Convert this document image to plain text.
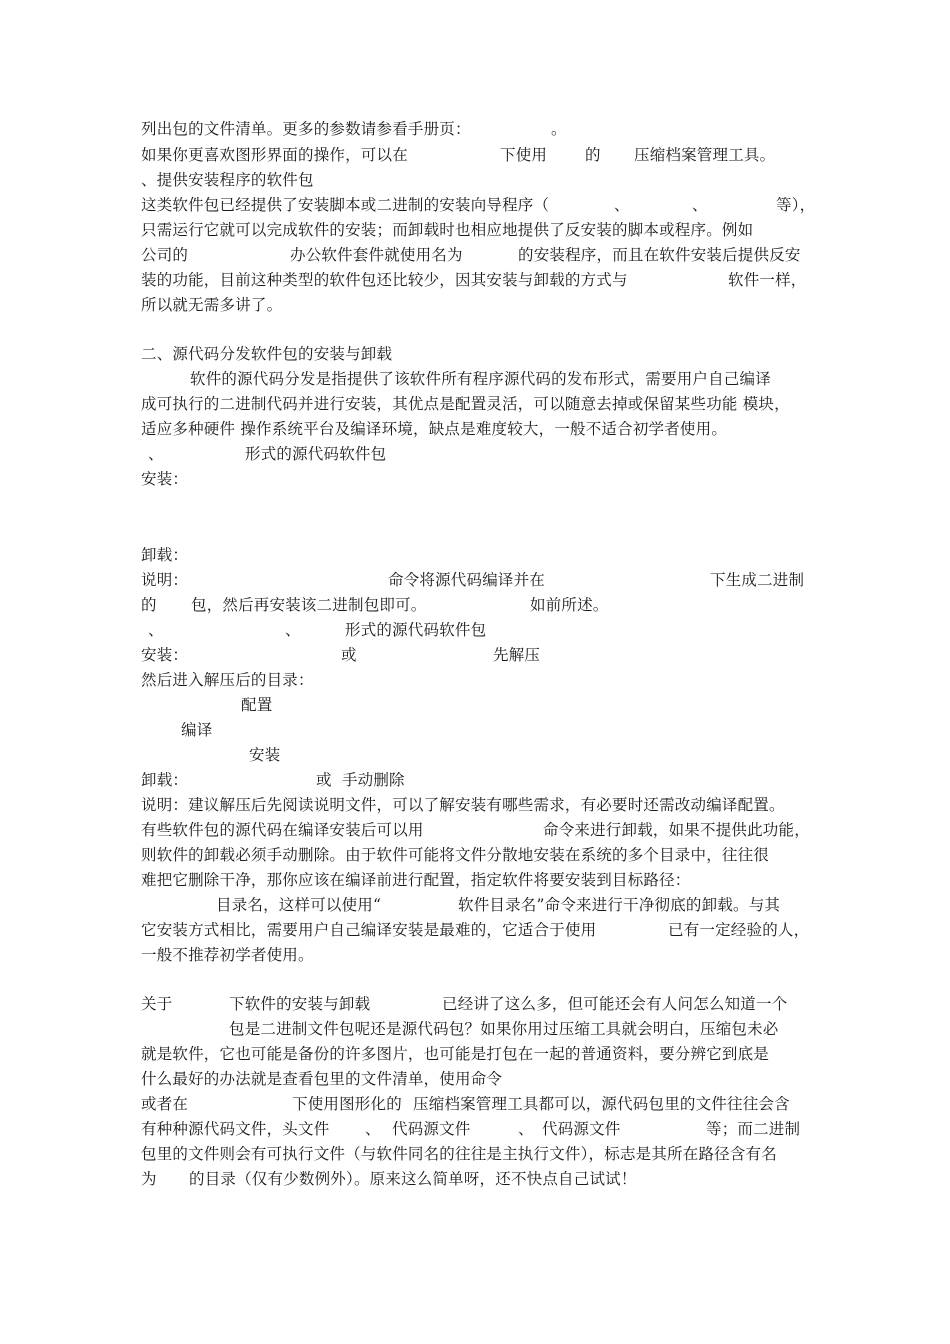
列出包的文件清单。更多的参数请参看手册页：	。
如果你更喜欢图形界面的操作，可以在	下使用 的 压缩档案管理工具。
、提供安装程序的软件包
这类软件包已经提供了安装脚本或二进制的安装向导程序（	、	、	等），
只需运行它就可以完成软件的安装；而卸载时也相应地提供了反安装的脚本或程序。例如
公司的	办公软件套件就使用名为	的安装程序，而且在软件安装后提供反安
装的功能，目前这种类型的软件包还比较少，因其安装与卸载的方式与	软件一样，
所以就无需多讲了。
二、源代码分发软件包的安装与卸载
软件的源代码分发是指提供了该软件所有程序源代码的发布形式，需要用户自己编译
成可执行的二进制代码并进行安装，其优点是配置灵活，可以随意去掉或保留某些功能 模块，
适应多种硬件 操作系统平台及编译环境，缺点是难度较大，一般不适合初学者使用。
、	形式的源代码软件包
安装：
卸载：
说明：	命令将源代码编译并在	下生成二进制
的 包，然后再安装该二进制包即可。	如前所述。
、	、	形式的源代码软件包
安装：	或	先解压
然后进入解压后的目录：
配置
编译
安装
卸载：	或  手动删除
说明：建议解压后先阅读说明文件，可以了解安装有哪些需求，有必要时还需改动编译配置。
有些软件包的源代码在编译安装后可以用	命令来进行卸载，如果不提供此功能，
则软件的卸载必须手动删除。由于软件可能将文件分散地安装在系统的多个目录中，往往很
难把它删除干净，那你应该在编译前进行配置，指定软件将要安装到目标路径：
目录名，这样可以使用“	软件目录名”命令来进行干净彻底的卸载。与其
它安装方式相比，需要用户自己编译安装是最难的，它适合于使用	已有一定经验的人，
一般不推荐初学者使用。
关于	下软件的安装与卸载	已经讲了这么多，但可能还会有人问怎么知道一个
包是二进制文件包呢还是源代码包？如果你用过压缩工具就会明白，压缩包未必
就是软件，它也可能是备份的许多图片，也可能是打包在一起的普通资料，要分辨它到底是
什么最好的办法就是查看包里的文件清单，使用命令
或者在	下使用图形化的 压缩档案管理工具都可以，源代码包里的文件往往会含
有种种源代码文件，头文件 、 代码源文件	、 代码源文件	等；而二进制
包里的文件则会有可执行文件（与软件同名的往往是主执行文件），标志是其所在路径含有名
为 的目录（仅有少数例外）。原来这么简单呀，还不快点自己试试！
